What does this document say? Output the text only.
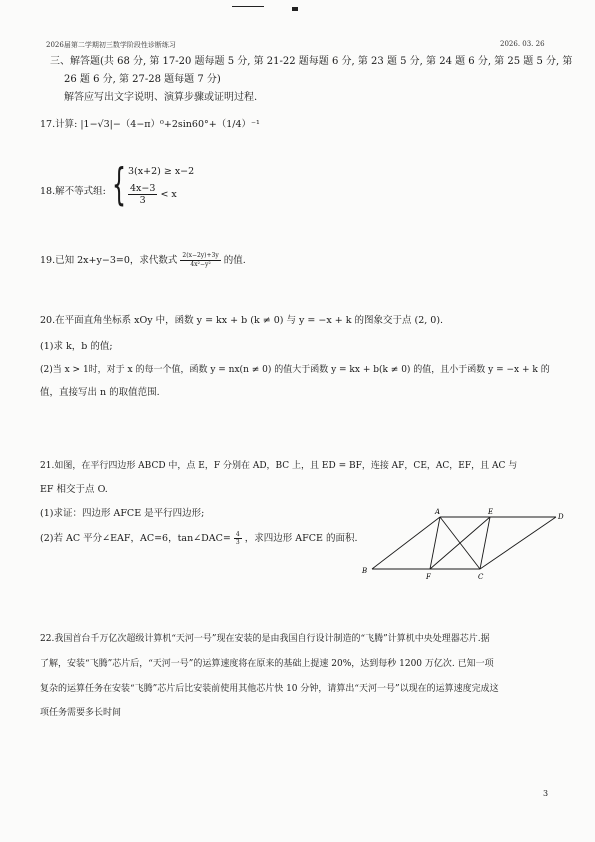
2026届第二学期初三数学阶段性诊断练习	2026. 03. 26
三、解答题(共 68 分, 第 17-20 题每题 5 分, 第 21-22 题每题 6 分, 第 23 题 5 分, 第 24 题 6 分, 第 25 题 5 分, 第
26 题 6 分, 第 27-28 题每题 7 分)
解答应写出文字说明、演算步骤或证明过程.
17.计算: |1−√3|−（4−π）⁰+2sin60°+（1/4）⁻¹
18.解不等式组: { 3(x+2) ≥ x−2
$\frac{4x-3}{3} < x$
19.已知 2x+y−3=0，求代数式 $\frac{2(x-2y)+3y}{\text{4x²−y²}}$ 的值.
20.在平面直角坐标系 xOy 中，函数 y = kx + b (k ≠ 0) 与 y = −x + k 的图象交于点 (2, 0).
(1)求 k，b 的值;
(2)当 x > 1时，对于 x 的每一个值，函数 y = nx(n ≠ 0) 的值大于函数 y = kx + b(k ≠ 0) 的值，且小于函数 y = −x + k 的
值，直接写出 n 的取值范围.
21.如图，在平行四边形 ABCD 中，点 E，F 分别在 AD，BC 上，且 ED = BF，连接 AF，CE，AC，EF，且 AC 与
EF 相交于点 O.
(1)求证：四边形 AFCE 是平行四边形;
(2)若 AC 平分∠EAF，AC=6，tan∠DAC= $\frac{4}{3}$ ，求四边形 AFCE 的面积.
A	E
D
B
F	C
22.我国首台千万亿次超级计算机“天河一号”现在安装的是由我国自行设计制造的“飞腾”计算机中央处理器芯片.据
了解，安装“飞腾”芯片后，“天河一号”的运算速度将在原来的基础上提速 20%，达到每秒 1200 万亿次. 已知一项
复杂的运算任务在安装“飞腾”芯片后比安装前使用其他芯片快 10 分钟，请算出“天河一号”以现在的运算速度完成这
项任务需要多长时间
3
